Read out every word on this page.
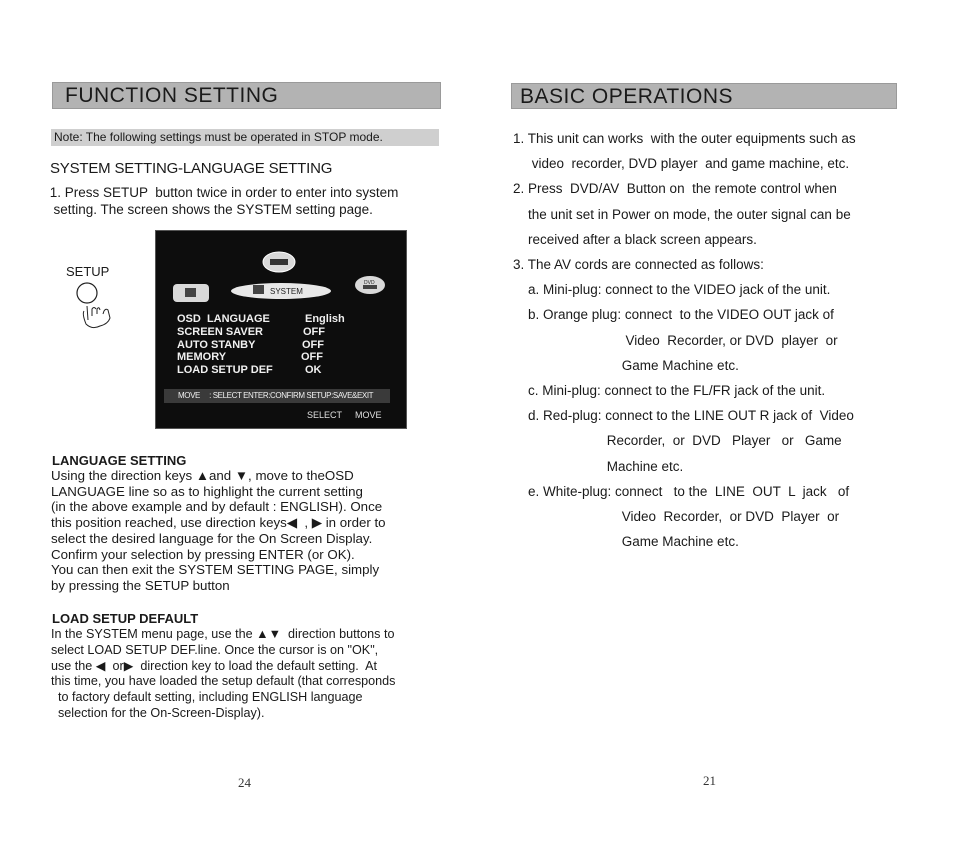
FUNCTION SETTING
Note: The following settings must be operated in STOP mode.
SYSTEM SETTING-LANGUAGE SETTING
1. Press SETUP  button twice in order to enter into system
setting. The screen shows the SYSTEM setting page.
SETUP
SYSTEM
DVD
OSD  LANGUAGE	English
SCREEN SAVER	OFF
AUTO STANBY	OFF
MEMORY	OFF
LOAD SETUP DEF	OK
MOVE     : SELECT ENTER:CONFIRM SETUP:SAVE&EXIT
SELECT MOVE
LANGUAGE SETTING
Using the direction keys ▲and ▼, move to theOSD
LANGUAGE line so as to highlight the current setting
(in the above example and by default : ENGLISH). Once
this position reached, use direction keys◀  , ▶ in order to
select the desired language for the On Screen Display.
Confirm your selection by pressing ENTER (or OK).
You can then exit the SYSTEM SETTING PAGE, simply
by pressing the SETUP button
LOAD SETUP DEFAULT
In the SYSTEM menu page, use the ▲▼  direction buttons to
select LOAD SETUP DEF.line. Once the cursor is on "OK",
use the ◀  or▶  direction key to load the default setting.  At
this time, you have loaded the setup default (that corresponds
to factory default setting, including ENGLISH language
selection for the On-Screen-Display).
24
BASIC OPERATIONS
1. This unit can works  with the outer equipments such as
video  recorder, DVD player  and game machine, etc.
2. Press  DVD/AV  Button on  the remote control when
the unit set in Power on mode, the outer signal can be
received after a black screen appears.
3. The AV cords are connected as follows:
a. Mini-plug: connect to the VIDEO jack of the unit.
b. Orange plug: connect  to the VIDEO OUT jack of
Video  Recorder, or DVD  player  or
Game Machine etc.
c. Mini-plug: connect to the FL/FR jack of the unit.
d. Red-plug: connect to the LINE OUT R jack of  Video
Recorder,  or  DVD   Player   or   Game
Machine etc.
e. White-plug: connect   to the  LINE  OUT  L  jack   of
Video  Recorder,  or DVD  Player  or
Game Machine etc.
21
